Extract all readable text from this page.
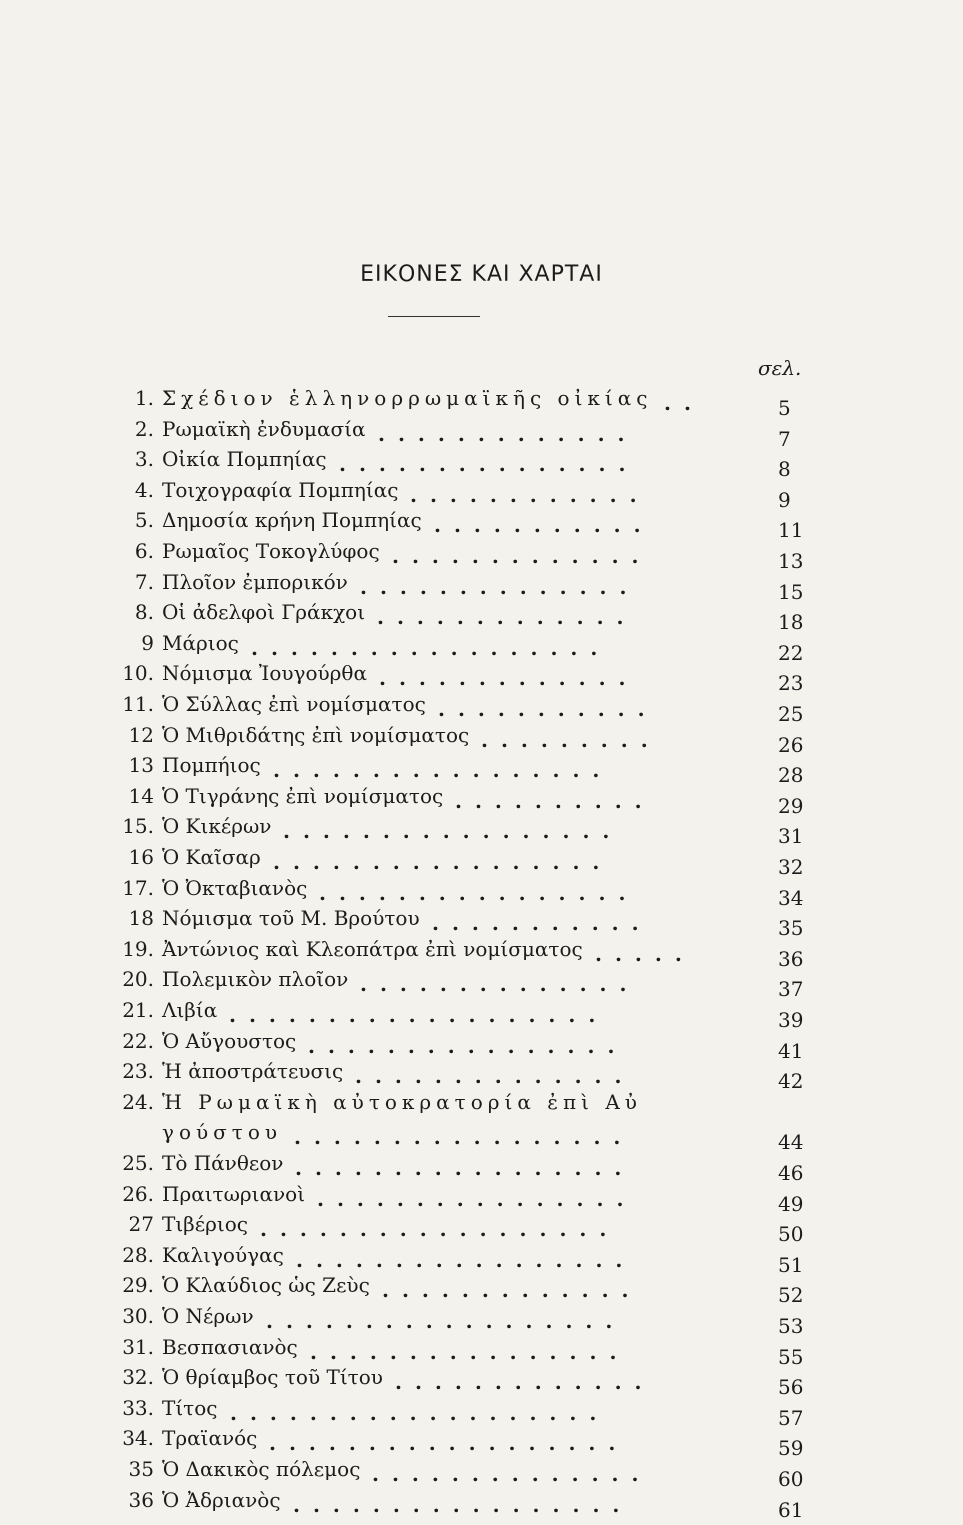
ΕΙΚΟΝΕΣ ΚΑΙ ΧΑΡΤΑΙ
σελ.
1. Σχέδιον ἑλληνορρωμαϊκῆς οἰκίας ..	5
2. Ρωμαϊκὴ ἐνδυμασία .............	7
3. Οἰκία Πομπηίας ...............	8
4. Τοιχογραφία Πομπηίας ............	9
5. Δημοσία κρήνη Πομπηίας ...........	11
6. Ρωμαῖος Τοκογλύφος .............	13
7. Πλοῖον ἐμπορικόν ..............	15
8. Οἱ ἀδελφοὶ Γράκχοι .............	18
9 Μάριος ..................	22
10. Νόμισμα Ἰουγούρθα .............	23
11. Ὁ Σύλλας ἐπὶ νομίσματος ...........	25
12 Ὁ Μιθριδάτης ἐπὶ νομίσματος .........	26
13 Πομπήιος .................	28
14 Ὁ Τιγράνης ἐπὶ νομίσματος ..........	29
15. Ὁ Κικέρων .................	31
16 Ὁ Καῖσαρ .................	32
17. Ὁ Ὀκταβιανὸς ................	34
18 Νόμισμα τοῦ Μ. Βρούτου ...........	35
19. Ἀντώνιος καὶ Κλεοπάτρα ἐπὶ νομίσματος .....	36
20. Πολεμικὸν πλοῖον ..............	37
21. Λιβία ...................	39
22. Ὁ Αὔγουστος ................	41
23. Ἡ ἀποστράτευσις ..............	42
24. Ἡ Ρωμαϊκὴ αὐτοκρατορία ἐπὶ Αὐ
γούστου .................	44
25. Τὸ Πάνθεον .................	46
26. Πραιτωριανοὶ ................	49
27 Τιβέριος ..................	50
28. Καλιγούγας .................	51
29. Ὁ Κλαύδιος ὡς Ζεὺς .............	52
30. Ὁ Νέρων ..................	53
31. Βεσπασιανὸς ................	55
32. Ὁ θρίαμβος τοῦ Τίτου .............	56
33. Τίτος ...................	57
34. Τραϊανός ..................	59
35 Ὁ Δακικὸς πόλεμος ..............	60
36 Ὁ Ἀδριανὸς .................	61
